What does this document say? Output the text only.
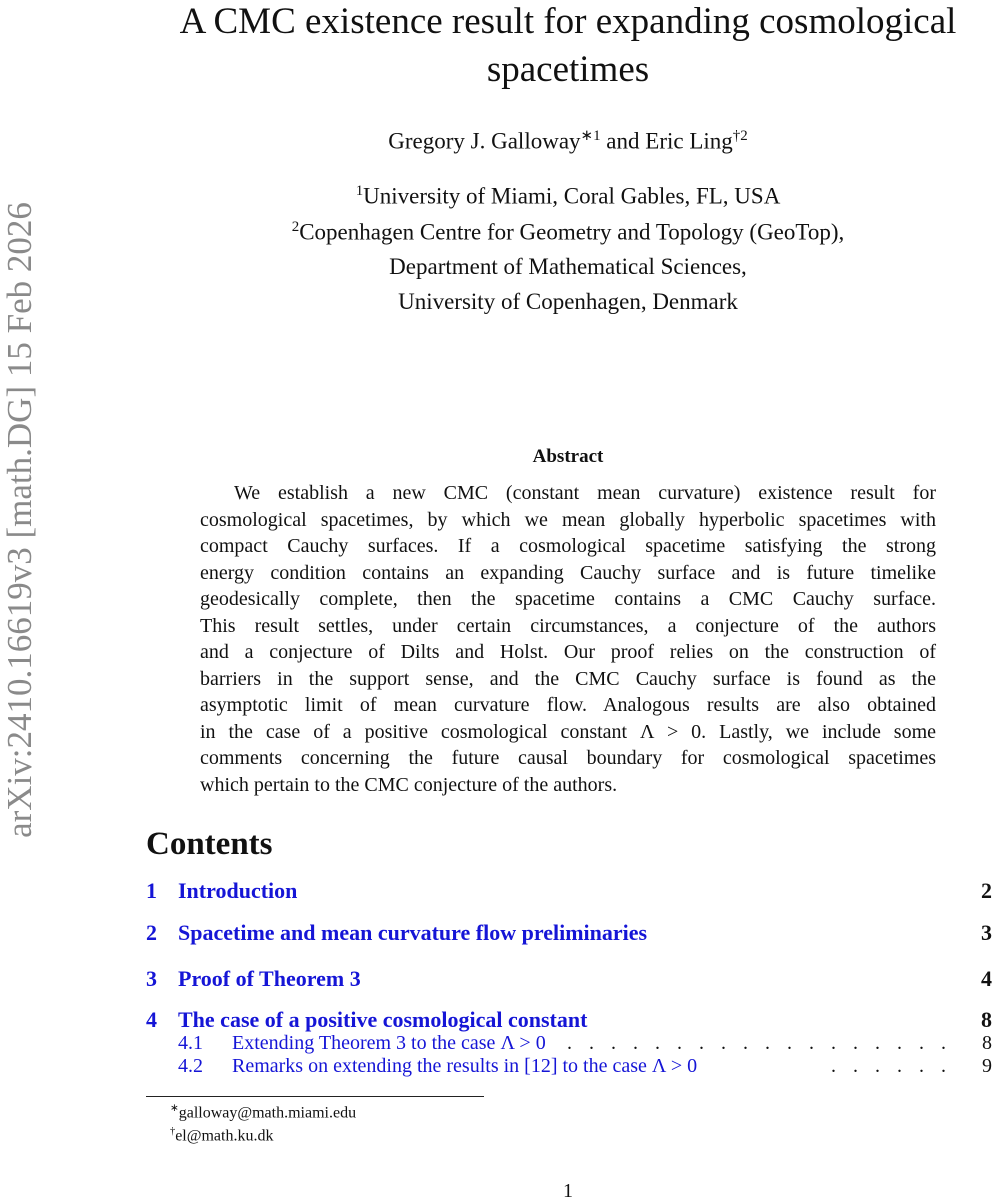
arXiv:2410.16619v3 [math.DG] 15 Feb 2026
A CMC existence result for expanding cosmological
spacetimes
Gregory J. Galloway$^{∗1}$ and Eric Ling$^{\dagger 2}$
$^1$University of Miami, Coral Gables, FL, USA
$^2$Copenhagen Centre for Geometry and Topology (GeoTop),
Department of Mathematical Sciences,
University of Copenhagen, Denmark
Abstract
We establish a new CMC (constant mean curvature) existence result for
cosmological spacetimes, by which we mean globally hyperbolic spacetimes with
compact Cauchy surfaces. If a cosmological spacetime satisfying the strong
energy condition contains an expanding Cauchy surface and is future timelike
geodesically complete, then the spacetime contains a CMC Cauchy surface.
This result settles, under certain circumstances, a conjecture of the authors
and a conjecture of Dilts and Holst. Our proof relies on the construction of
barriers in the support sense, and the CMC Cauchy surface is found as the
asymptotic limit of mean curvature flow. Analogous results are also obtained
in the case of a positive cosmological constant Λ > 0. Lastly, we include some
comments concerning the future causal boundary for cosmological spacetimes
which pertain to the CMC conjecture of the authors.
Contents
1 Introduction	2
2 Spacetime and mean curvature flow preliminaries	3
3 Proof of Theorem 3	4
4 The case of a positive cosmological constant	8
4.1 Extending Theorem 3 to the case Λ > 0 . . . . . . . . . . . . . . . . . . 8
4.2 Remarks on extending the results in [12] to the case Λ > 0	. . . . . . 9
∗galloway@math.miami.edu
†el@math.ku.dk
1
